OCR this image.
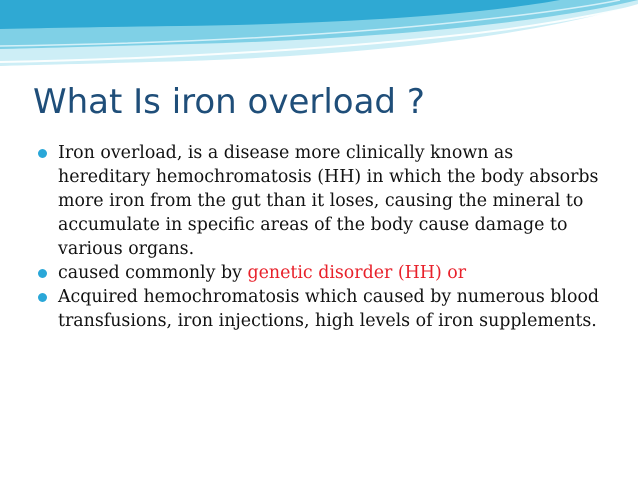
What Is iron overload ?
Iron overload, is a disease more clinically known as hereditary hemochromatosis (HH) in which the body absorbs more iron from the gut than it loses, causing the mineral to accumulate in specific areas of the body cause damage to various organs.
caused commonly by genetic disorder (HH) or
Acquired hemochromatosis which caused by numerous blood transfusions, iron injections, high levels of iron supplements.
